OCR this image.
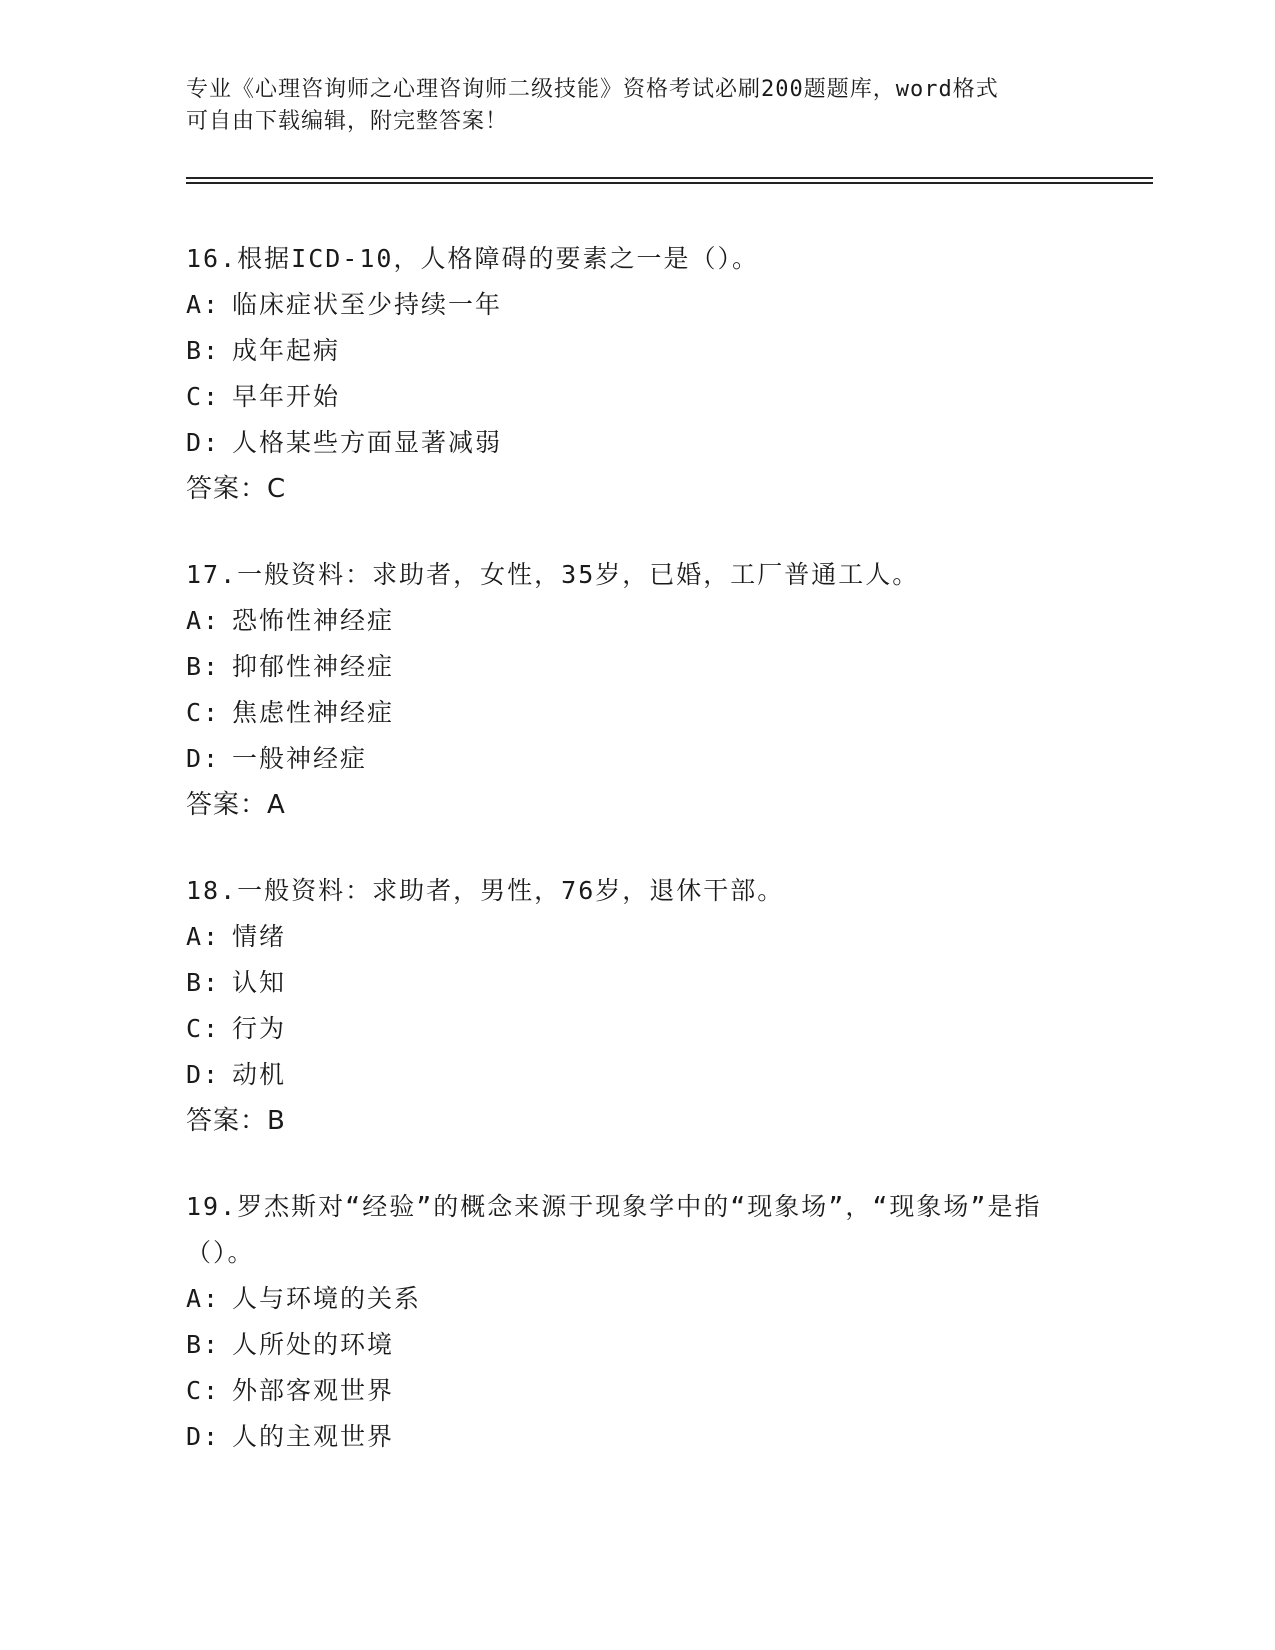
专业《心理咨询师之心理咨询师二级技能》资格考试必刷200题题库，word格式
可自由下载编辑，附完整答案！
16.根据ICD-10，人格障碍的要素之一是（）。
A: 临床症状至少持续一年
B: 成年起病
C: 早年开始
D: 人格某些方面显著减弱
答案：C
17.一般资料：求助者，女性，35岁，已婚，工厂普通工人。
A: 恐怖性神经症
B: 抑郁性神经症
C: 焦虑性神经症
D: 一般神经症
答案：A
18.一般资料：求助者，男性，76岁，退休干部。
A: 情绪
B: 认知
C: 行为
D: 动机
答案：B
19.罗杰斯对“经验”的概念来源于现象学中的“现象场”，“现象场”是指（）。
A: 人与环境的关系
B: 人所处的环境
C: 外部客观世界
D: 人的主观世界
